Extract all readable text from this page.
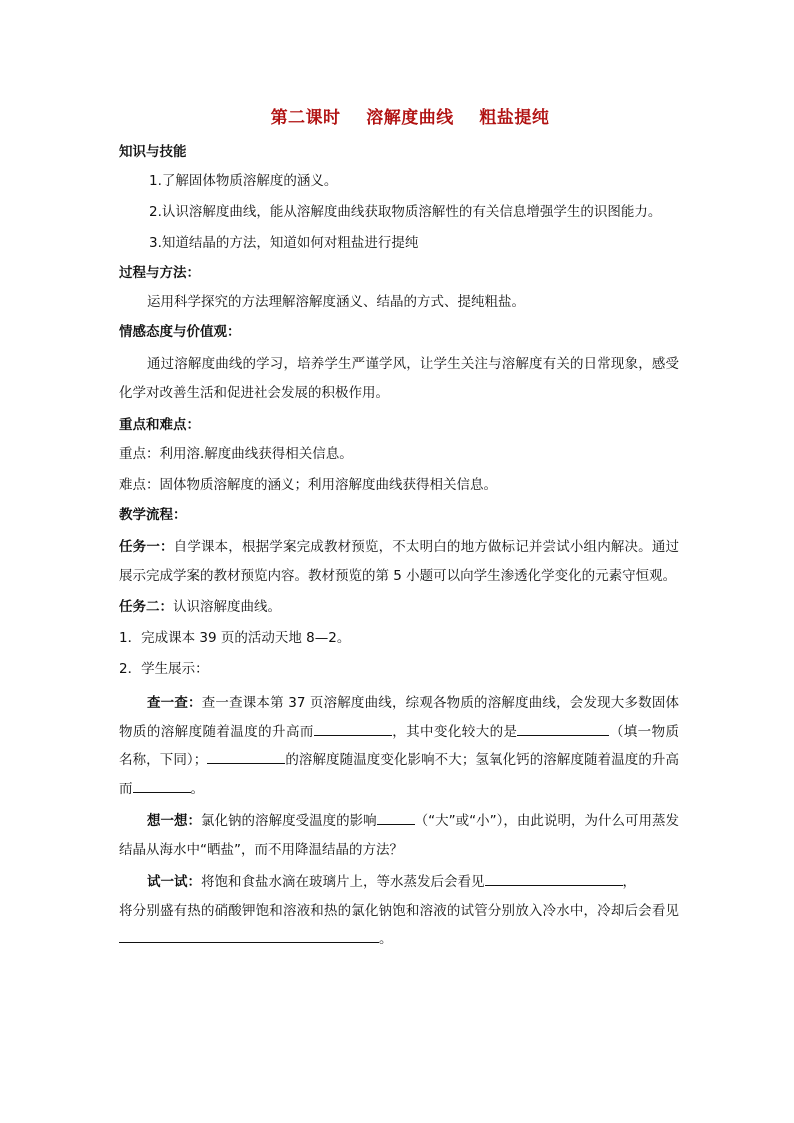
第二课时    溶解度曲线    粗盐提纯
知识与技能
1.了解固体物质溶解度的涵义。
2.认识溶解度曲线，能从溶解度曲线获取物质溶解性的有关信息增强学生的识图能力。
3.知道结晶的方法，知道如何对粗盐进行提纯
过程与方法：
运用科学探究的方法理解溶解度涵义、结晶的方式、提纯粗盐。
情感态度与价值观：
通过溶解度曲线的学习，培养学生严谨学风，让学生关注与溶解度有关的日常现象，感受化学对改善生活和促进社会发展的积极作用。
重点和难点：
重点：利用溶.解度曲线获得相关信息。
难点：固体物质溶解度的涵义；利用溶解度曲线获得相关信息。
教学流程：
任务一：自学课本，根据学案完成教材预览，不太明白的地方做标记并尝试小组内解决。通过展示完成学案的教材预览内容。教材预览的第 5 小题可以向学生渗透化学变化的元素守恒观。
任务二：认识溶解度曲线。
1．完成课本 39 页的活动天地 8—2。
2．学生展示：
查一查：查一查课本第 37 页溶解度曲线，综观各物质的溶解度曲线，会发现大多数固体物质的溶解度随着温度的升高而	，其中变化较大的是	（填一物质名称，下同）；	的溶解度随温度变化影响不大；氢氧化钙的溶解度随着温度的升高而	。
想一想：氯化钠的溶解度受温度的影响	（“大”或“小”），由此说明，为什么可用蒸发结晶从海水中“晒盐”，而不用降温结晶的方法？
试一试：将饱和食盐水滴在玻璃片上，等水蒸发后会看见	，
将分别盛有热的硝酸钾饱和溶液和热的氯化钠饱和溶液的试管分别放入冷水中，冷却后会看见。
